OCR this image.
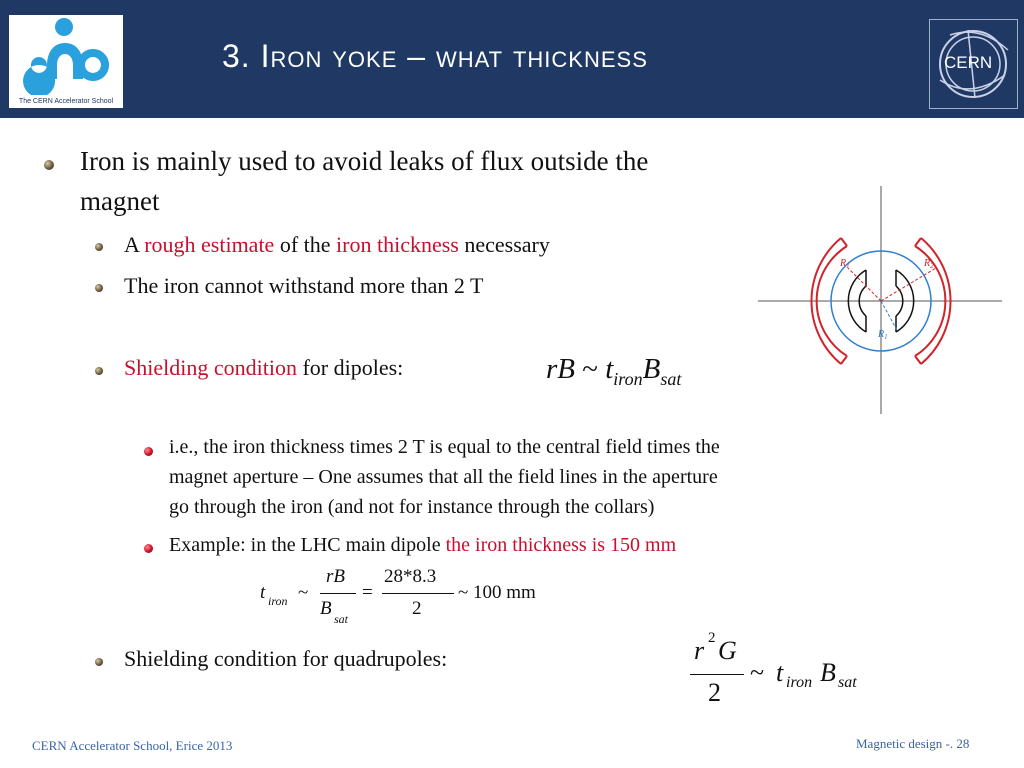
The CERN Accelerator School
3. Iron yoke – what thickness	CERN
Iron is mainly used to avoid leaks of flux outside the
magnet
A rough estimate of the iron thickness necessary
The iron cannot withstand more than 2 T
Shielding condition for dipoles:	rB ~ $t_{iron}B_{sat}$
i.e., the iron thickness times 2 T is equal to the central field times the
magnet aperture – One assumes that all the field lines in the aperture
go through the iron (and not for instance through the collars)
Example: in the LHC main dipole the iron thickness is 150 mm
t iron ~
rB
B sat
=
28*8.3
2
~ 100 mm
Shielding condition for quadrupoles:	r 2 G
2
~ t iron B sat
$R_1$	$R_2$
$R_1$
CERN Accelerator School, Erice 2013	Magnetic design -. 28
